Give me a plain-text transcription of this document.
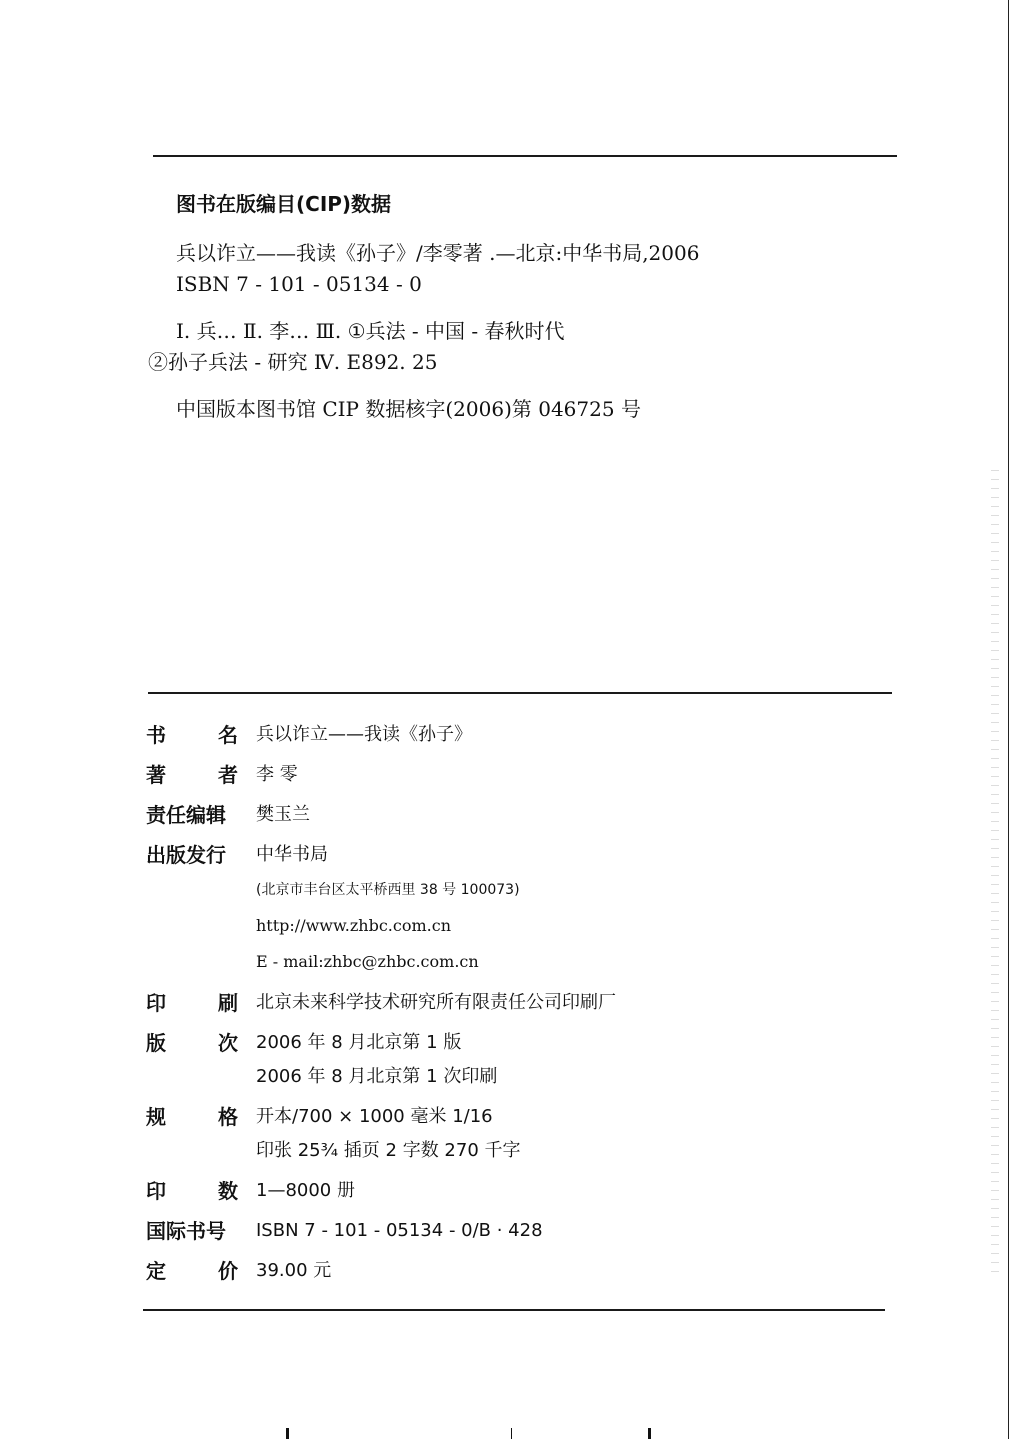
图书在版编目(CIP)数据
兵以诈立——我读《孙子》/李零著 .—北京:中华书局,2006
ISBN 7 - 101 - 05134 - 0
Ⅰ. 兵… Ⅱ. 李… Ⅲ. ①兵法 - 中国 - 春秋时代
②孙子兵法 - 研究 Ⅳ. E892. 25
中国版本图书馆 CIP 数据核字(2006)第 046725 号
书	名 兵以诈立——我读《孙子》
著	者 李 零
责任编辑	樊玉兰
出版发行	中华书局
(北京市丰台区太平桥西里 38 号 100073)
http://www.zhbc.com.cn
E - mail:zhbc@zhbc.com.cn
印	刷 北京未来科学技术研究所有限责任公司印刷厂
版	次 2006 年 8 月北京第 1 版
2006 年 8 月北京第 1 次印刷
规	格 开本/700 × 1000 毫米 1/16
印张 25¾ 插页 2 字数 270 千字
印	数 1—8000 册
国际书号	ISBN 7 - 101 - 05134 - 0/B · 428
定	价 39.00 元
